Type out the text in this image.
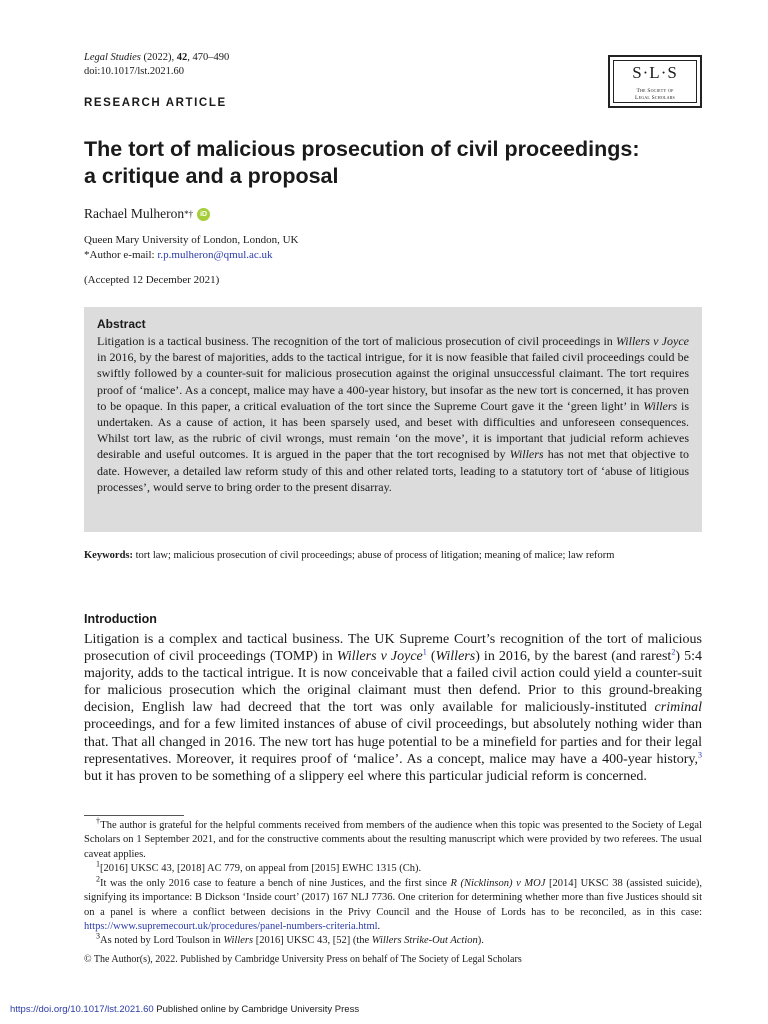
Legal Studies (2022), 42, 470–490
doi:10.1017/lst.2021.60	S·L·S
The Society of
Legal Scholars
RESEARCH ARTICLE
The tort of malicious prosecution of civil proceedings:
a critique and a proposal
Rachael Mulheron *†	iD
Queen Mary University of London, London, UK
*Author e-mail: r.p.mulheron@qmul.ac.uk
(Accepted 12 December 2021)
Abstract
Litigation is a tactical business. The recognition of the tort of malicious prosecution of civil proceedings in Willers v Joyce in 2016, by the barest of majorities, adds to the tactical intrigue, for it is now feasible that failed civil proceedings could be swiftly followed by a counter-suit for malicious prosecution against the original unsuccessful claimant. The tort requires proof of ‘malice’. As a concept, malice may have a 400-year history, but insofar as the new tort is concerned, it has proven to be opaque. In this paper, a critical evaluation of the tort since the Supreme Court gave it the ‘green light’ in Willers is undertaken. As a cause of action, it has been sparsely used, and beset with difficulties and unforeseen consequences. Whilst tort law, as the rubric of civil wrongs, must remain ‘on the move’, it is important that judicial reform achieves desirable and useful outcomes. It is argued in the paper that the tort recognised by Willers has not met that objective to date. However, a detailed law reform study of this and other related torts, leading to a statutory tort of ‘abuse of litigious processes’, would serve to bring order to the present disarray.
Keywords: tort law; malicious prosecution of civil proceedings; abuse of process of litigation; meaning of malice; law reform
Introduction
Litigation is a complex and tactical business. The UK Supreme Court’s recognition of the tort of malicious prosecution of civil proceedings (TOMP) in Willers v Joyce$^1$ (Willers) in 2016, by the barest (and rarest$^2$) 5:4 majority, adds to the tactical intrigue. It is now conceivable that a failed civil action could yield a counter-suit for malicious prosecution which the original claimant must then defend. Prior to this ground-breaking decision, English law had decreed that the tort was only available for maliciously-instituted criminal proceedings, and for a few limited instances of abuse of civil proceedings, but absolutely nothing wider than that. That all changed in 2016. The new tort has huge potential to be a minefield for parties and for their legal representatives. Moreover, it requires proof of ‘malice’. As a concept, malice may have a 400-year history,$^3$ but it has proven to be something of a slippery eel where this particular judicial reform is concerned.
†The author is grateful for the helpful comments received from members of the audience when this topic was presented to the Society of Legal Scholars on 1 September 2021, and for the constructive comments about the resulting manuscript which were provided by two referees. The usual caveat applies.
$^1$[2016] UKSC 43, [2018] AC 779, on appeal from [2015] EWHC 1315 (Ch).
$^2$It was the only 2016 case to feature a bench of nine Justices, and the first since R (Nicklinson) v MOJ [2014] UKSC 38 (assisted suicide), signifying its importance: B Dickson ‘Inside court’ (2017) 167 NLJ 7736. One criterion for determining whether more than five Justices should sit on a panel is where a conflict between decisions in the Privy Council and the House of Lords has to be reconciled, as in this case: https://www.supremecourt.uk/procedures/panel-numbers-criteria.html.
$^3$As noted by Lord Toulson in Willers [2016] UKSC 43, [52] (the Willers Strike-Out Action).
© The Author(s), 2022. Published by Cambridge University Press on behalf of The Society of Legal Scholars
https://doi.org/10.1017/lst.2021.60 Published online by Cambridge University Press
